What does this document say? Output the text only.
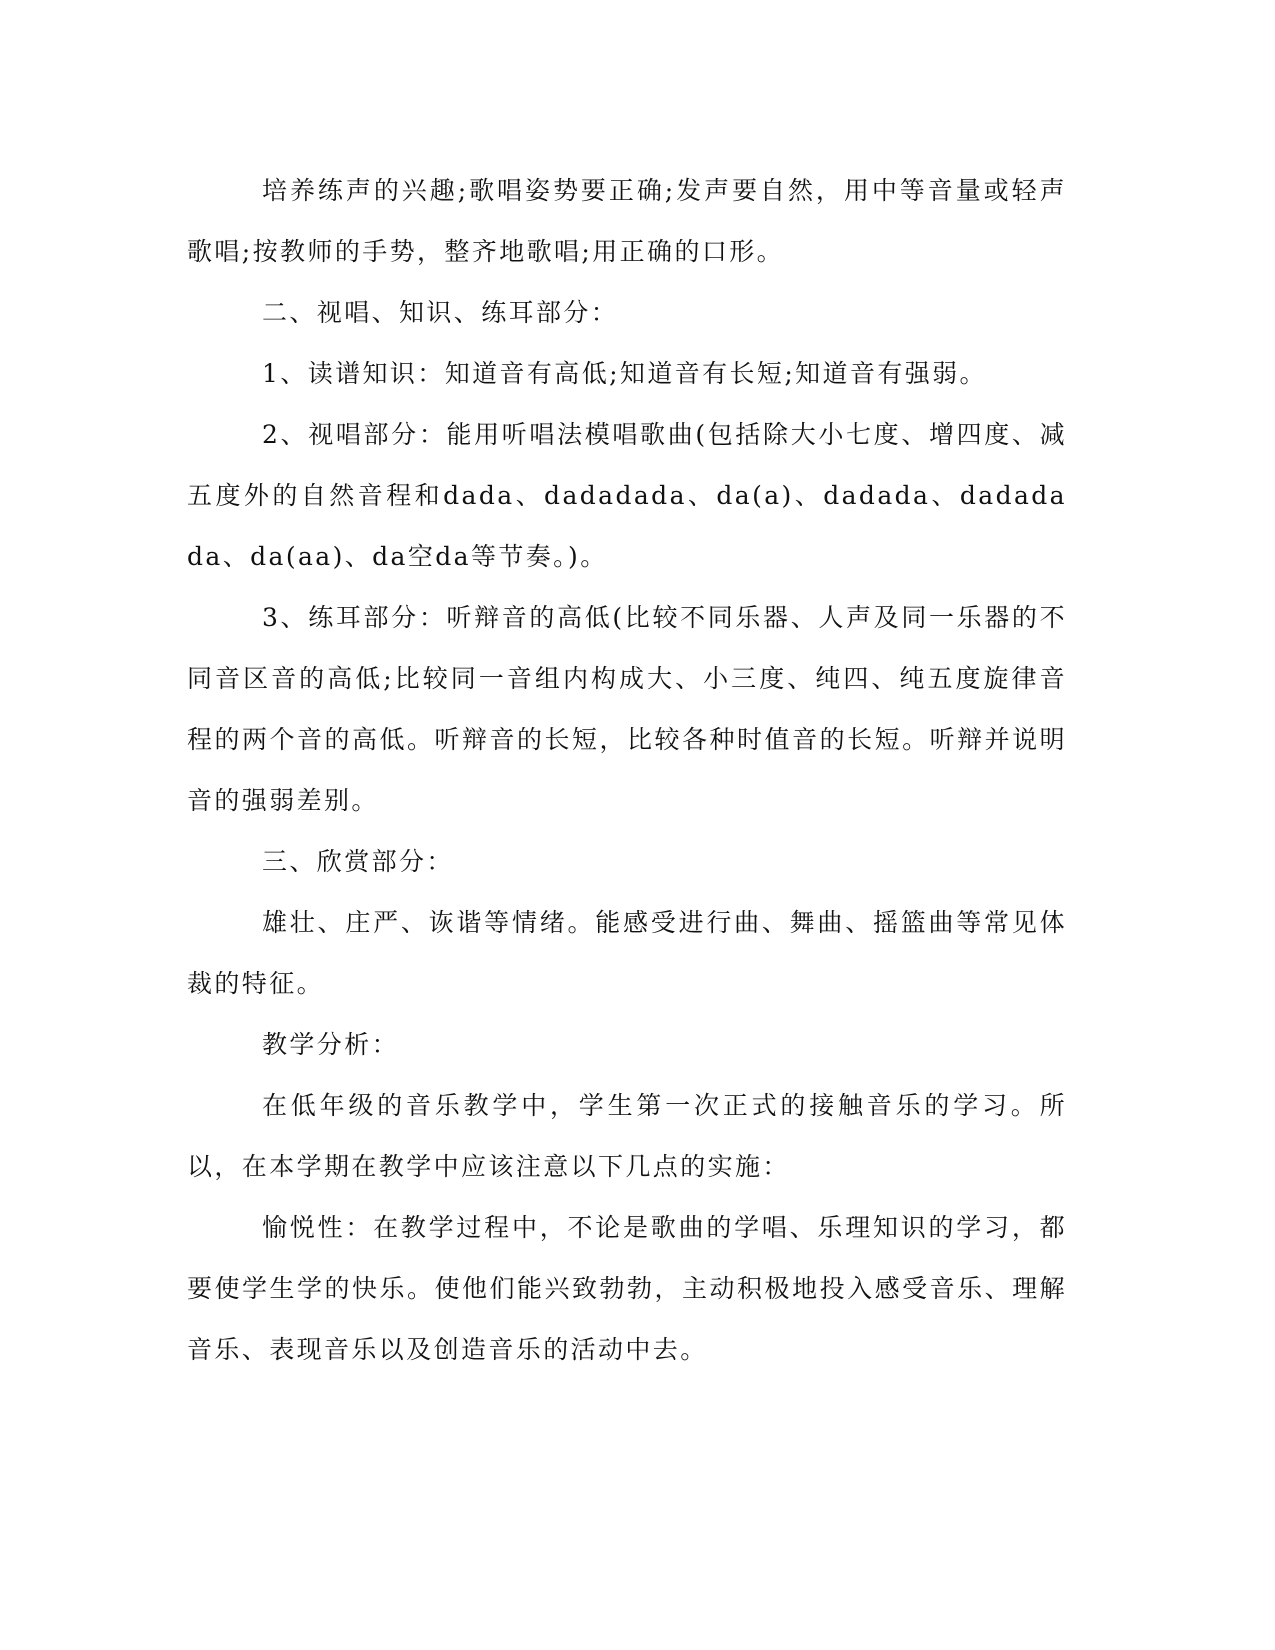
培养练声的兴趣;歌唱姿势要正确;发声要自然，用中等音量或轻声歌唱;按教师的手势，整齐地歌唱;用正确的口形。

二、视唱、知识、练耳部分：

1、读谱知识：知道音有高低;知道音有长短;知道音有强弱。

2、视唱部分：能用听唱法模唱歌曲(包括除大小七度、增四度、减五度外的自然音程和dada、dadadada、da(a)、dadada、dadadada、da(aa)、da空da等节奏。)。

3、练耳部分：听辩音的高低(比较不同乐器、人声及同一乐器的不同音区音的高低;比较同一音组内构成大、小三度、纯四、纯五度旋律音程的两个音的高低。听辩音的长短，比较各种时值音的长短。听辩并说明音的强弱差别。

三、欣赏部分：

雄壮、庄严、诙谐等情绪。能感受进行曲、舞曲、摇篮曲等常见体裁的特征。

教学分析：

在低年级的音乐教学中，学生第一次正式的接触音乐的学习。所以，在本学期在教学中应该注意以下几点的实施：

愉悦性：在教学过程中，不论是歌曲的学唱、乐理知识的学习，都要使学生学的快乐。使他们能兴致勃勃，主动积极地投入感受音乐、理解音乐、表现音乐以及创造音乐的活动中去。
